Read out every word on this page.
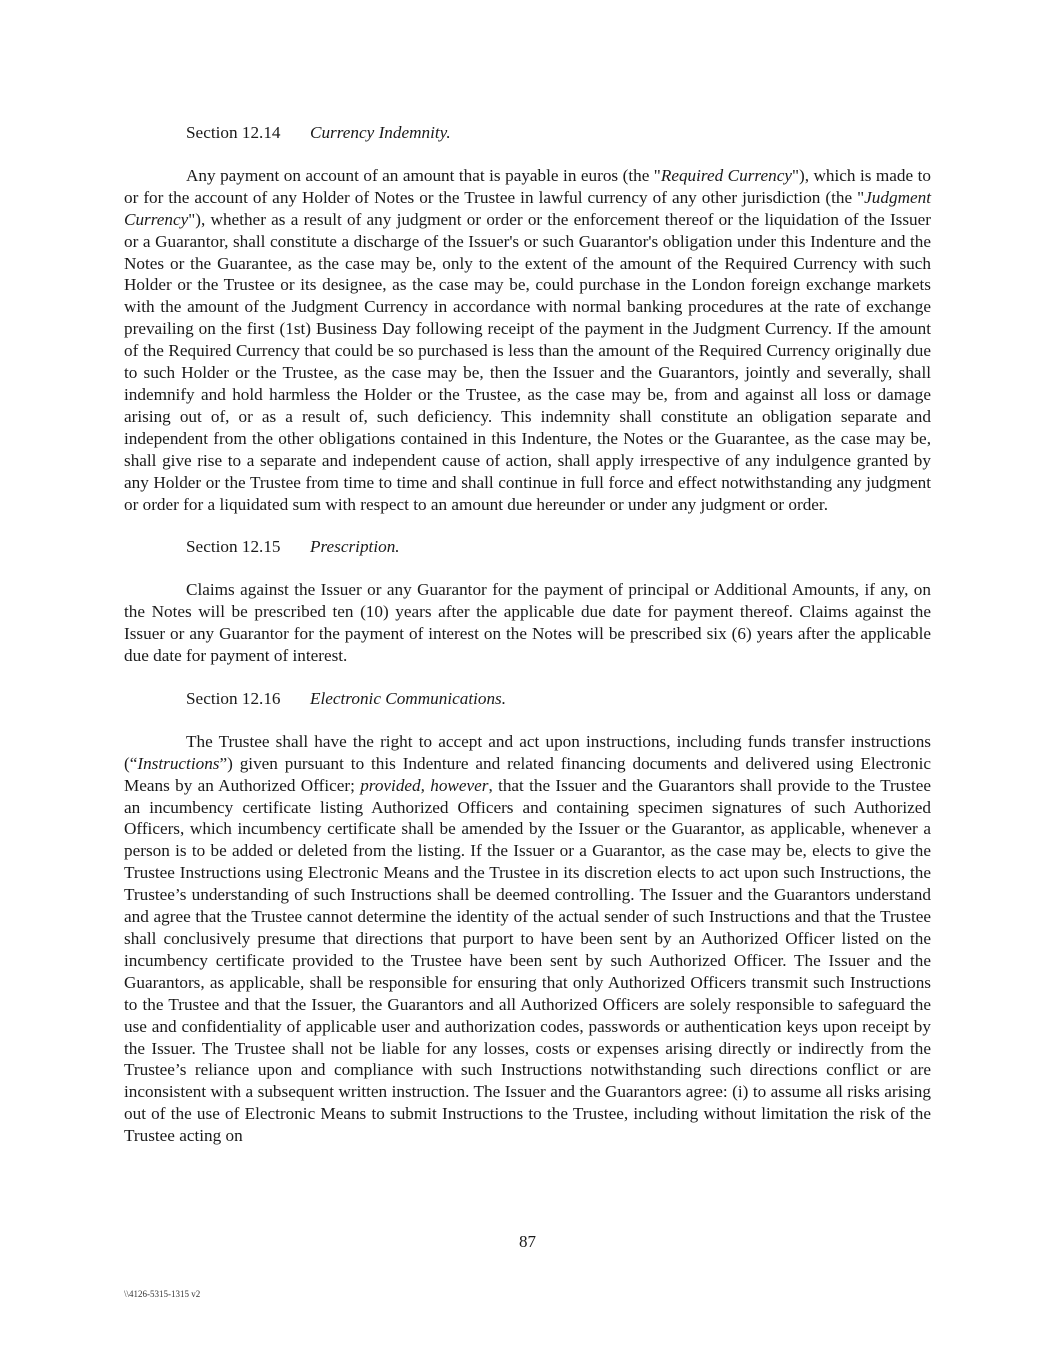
Section 12.14 Currency Indemnity.

Any payment on account of an amount that is payable in euros (the "Required Currency"), which is made to or for the account of any Holder of Notes or the Trustee in lawful currency of any other jurisdiction (the "Judgment Currency"), whether as a result of any judgment or order or the enforcement thereof or the liquidation of the Issuer or a Guarantor, shall constitute a discharge of the Issuer's or such Guarantor's obligation under this Indenture and the Notes or the Guarantee, as the case may be, only to the extent of the amount of the Required Currency with such Holder or the Trustee or its designee, as the case may be, could purchase in the London foreign exchange markets with the amount of the Judgment Currency in accordance with normal banking procedures at the rate of exchange prevailing on the first (1st) Business Day following receipt of the payment in the Judgment Currency. If the amount of the Required Currency that could be so purchased is less than the amount of the Required Currency originally due to such Holder or the Trustee, as the case may be, then the Issuer and the Guarantors, jointly and severally, shall indemnify and hold harmless the Holder or the Trustee, as the case may be, from and against all loss or damage arising out of, or as a result of, such deficiency. This indemnity shall constitute an obligation separate and independent from the other obligations contained in this Indenture, the Notes or the Guarantee, as the case may be, shall give rise to a separate and independent cause of action, shall apply irrespective of any indulgence granted by any Holder or the Trustee from time to time and shall continue in full force and effect notwithstanding any judgment or order for a liquidated sum with respect to an amount due hereunder or under any judgment or order.

Section 12.15 Prescription.

Claims against the Issuer or any Guarantor for the payment of principal or Additional Amounts, if any, on the Notes will be prescribed ten (10) years after the applicable due date for payment thereof. Claims against the Issuer or any Guarantor for the payment of interest on the Notes will be prescribed six (6) years after the applicable due date for payment of interest.

Section 12.16 Electronic Communications.

The Trustee shall have the right to accept and act upon instructions, including funds transfer instructions (“Instructions”) given pursuant to this Indenture and related financing documents and delivered using Electronic Means by an Authorized Officer; provided, however, that the Issuer and the Guarantors shall provide to the Trustee an incumbency certificate listing Authorized Officers and containing specimen signatures of such Authorized Officers, which incumbency certificate shall be amended by the Issuer or the Guarantor, as applicable, whenever a person is to be added or deleted from the listing. If the Issuer or a Guarantor, as the case may be, elects to give the Trustee Instructions using Electronic Means and the Trustee in its discretion elects to act upon such Instructions, the Trustee’s understanding of such Instructions shall be deemed controlling. The Issuer and the Guarantors understand and agree that the Trustee cannot determine the identity of the actual sender of such Instructions and that the Trustee shall conclusively presume that directions that purport to have been sent by an Authorized Officer listed on the incumbency certificate provided to the Trustee have been sent by such Authorized Officer. The Issuer and the Guarantors, as applicable, shall be responsible for ensuring that only Authorized Officers transmit such Instructions to the Trustee and that the Issuer, the Guarantors and all Authorized Officers are solely responsible to safeguard the use and confidentiality of applicable user and authorization codes, passwords or authentication keys upon receipt by the Issuer. The Trustee shall not be liable for any losses, costs or expenses arising directly or indirectly from the Trustee’s reliance upon and compliance with such Instructions notwithstanding such directions conflict or are inconsistent with a subsequent written instruction. The Issuer and the Guarantors agree: (i) to assume all risks arising out of the use of Electronic Means to submit Instructions to the Trustee, including without limitation the risk of the Trustee acting on

87
\\4126-5315-1315 v2
